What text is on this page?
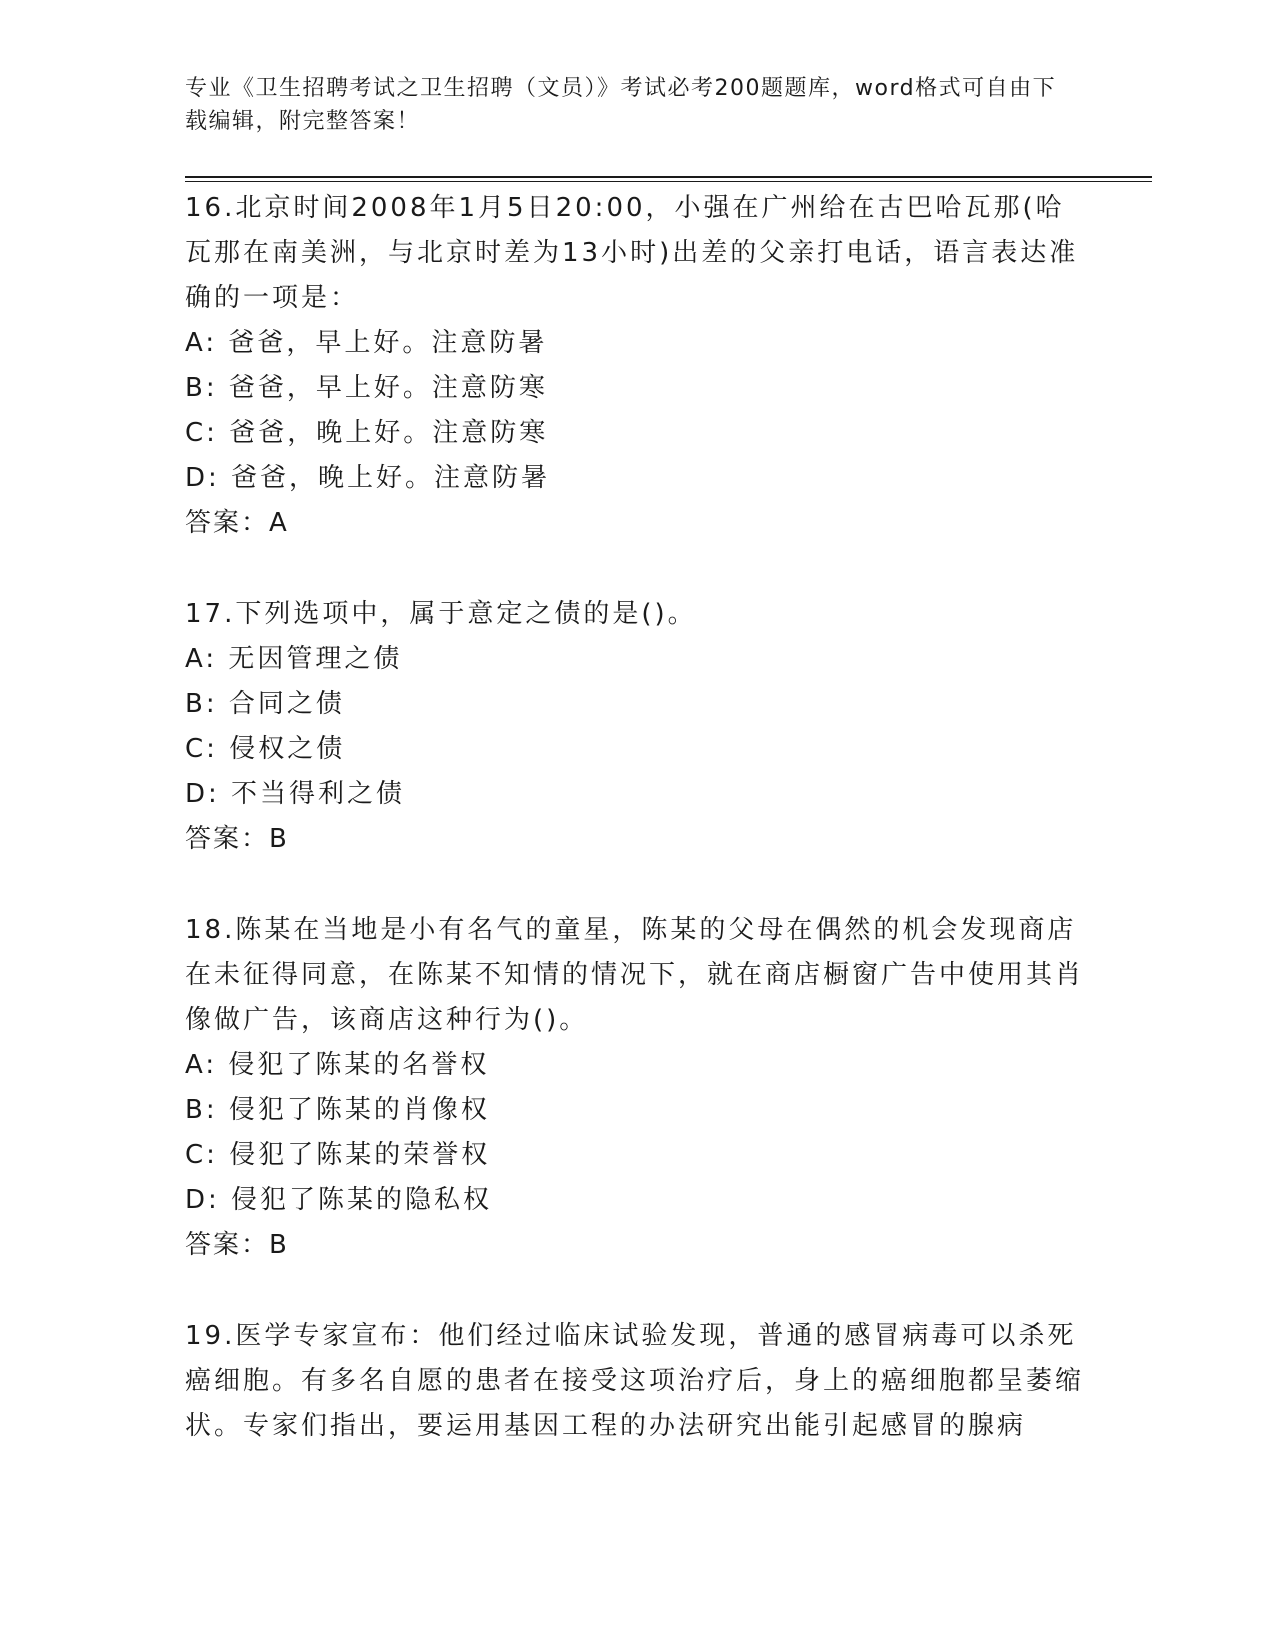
专业《卫生招聘考试之卫生招聘（文员）》考试必考200题题库，word格式可自由下载编辑，附完整答案！
16.北京时间2008年1月5日20:00，小强在广州给在古巴哈瓦那(哈瓦那在南美洲，与北京时差为13小时)出差的父亲打电话，语言表达准确的一项是：
A: 爸爸，早上好。注意防暑
B: 爸爸，早上好。注意防寒
C: 爸爸，晚上好。注意防寒
D: 爸爸，晚上好。注意防暑
答案：A
17.下列选项中，属于意定之债的是()。
A: 无因管理之债
B: 合同之债
C: 侵权之债
D: 不当得利之债
答案：B
18.陈某在当地是小有名气的童星，陈某的父母在偶然的机会发现商店在未征得同意，在陈某不知情的情况下，就在商店橱窗广告中使用其肖像做广告，该商店这种行为()。
A: 侵犯了陈某的名誉权
B: 侵犯了陈某的肖像权
C: 侵犯了陈某的荣誉权
D: 侵犯了陈某的隐私权
答案：B
19.医学专家宣布：他们经过临床试验发现，普通的感冒病毒可以杀死癌细胞。有多名自愿的患者在接受这项治疗后，身上的癌细胞都呈萎缩状。专家们指出，要运用基因工程的办法研究出能引起感冒的腺病
